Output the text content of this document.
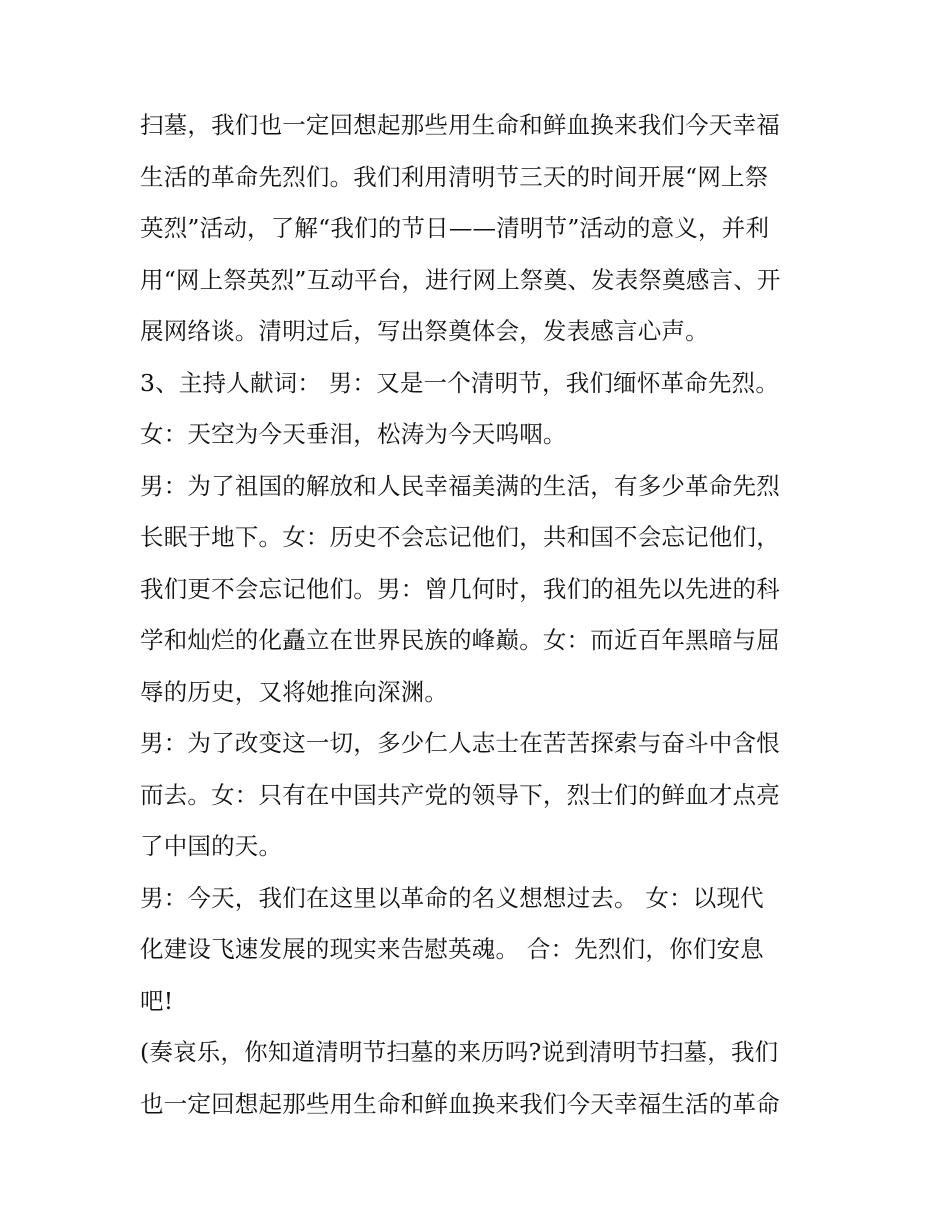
扫墓，我们也一定回想起那些用生命和鲜血换来我们今天幸福
生活的革命先烈们。我们利用清明节三天的时间开展“网上祭
英烈”活动，了解“我们的节日——清明节”活动的意义，并利
用“网上祭英烈”互动平台，进行网上祭奠、发表祭奠感言、开
展网络谈。清明过后，写出祭奠体会，发表感言心声。
3、主持人献词： 男：又是一个清明节，我们缅怀革命先烈。
女：天空为今天垂泪，松涛为今天呜咽。
男：为了祖国的解放和人民幸福美满的生活，有多少革命先烈
长眠于地下。女：历史不会忘记他们，共和国不会忘记他们，
我们更不会忘记他们。男：曾几何时，我们的祖先以先进的科
学和灿烂的化矗立在世界民族的峰巅。女：而近百年黑暗与屈
辱的历史，又将她推向深渊。
男：为了改变这一切，多少仁人志士在苦苦探索与奋斗中含恨
而去。女：只有在中国共产党的领导下，烈士们的鲜血才点亮
了中国的天。
男：今天，我们在这里以革命的名义想想过去。 女：以现代
化建设飞速发展的现实来告慰英魂。 合：先烈们，你们安息
吧!
(奏哀乐，你知道清明节扫墓的来历吗?说到清明节扫墓，我们
也一定回想起那些用生命和鲜血换来我们今天幸福生活的革命
